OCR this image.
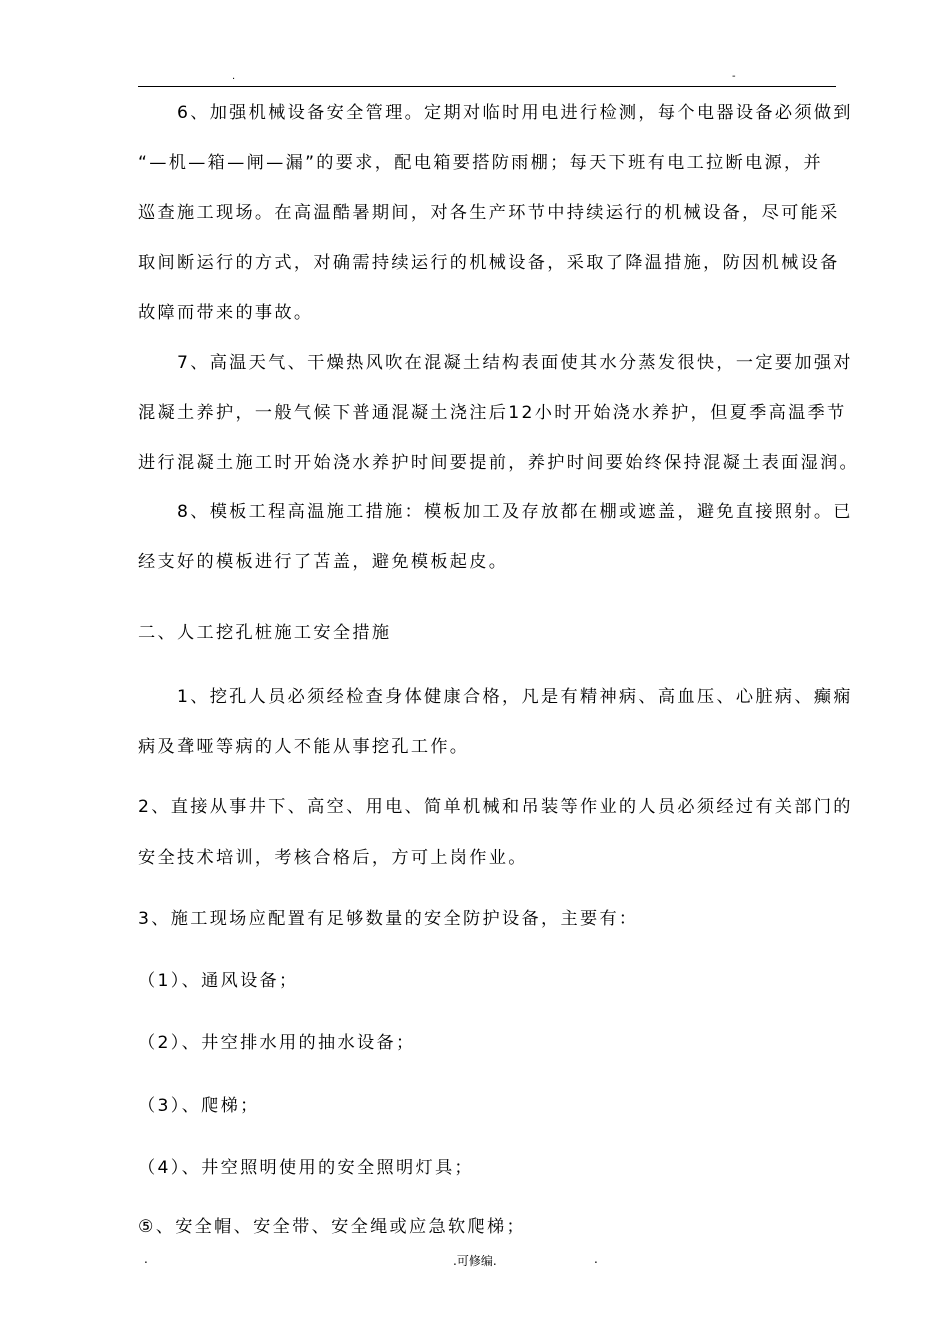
.	-
　　6、加强机械设备安全管理。定期对临时用电进行检测，每个电器设备必须做到
“—机—箱—闸—漏”的要求，配电箱要搭防雨棚；每天下班有电工拉断电源，并
巡查施工现场。在高温酷暑期间，对各生产环节中持续运行的机械设备，尽可能采
取间断运行的方式，对确需持续运行的机械设备，采取了降温措施，防因机械设备
故障而带来的事故。
　　7、高温天气、干燥热风吹在混凝土结构表面使其水分蒸发很快，一定要加强对
混凝土养护，一般气候下普通混凝土浇注后12小时开始浇水养护，但夏季高温季节
进行混凝土施工时开始浇水养护时间要提前，养护时间要始终保持混凝土表面湿润。
　　8、模板工程高温施工措施：模板加工及存放都在棚或遮盖，避免直接照射。已
经支好的模板进行了苫盖，避免模板起皮。
二、人工挖孔桩施工安全措施
　　1、挖孔人员必须经检查身体健康合格，凡是有精神病、高血压、心脏病、癫痫
病及聋哑等病的人不能从事挖孔工作。
2、直接从事井下、高空、用电、简单机械和吊装等作业的人员必须经过有关部门的
安全技术培训，考核合格后，方可上岗作业。
3、施工现场应配置有足够数量的安全防护设备，主要有：
（1）、通风设备；
（2）、井空排水用的抽水设备；
（3）、爬梯；
（4）、井空照明使用的安全照明灯具；
⑤、安全帽、安全带、安全绳或应急软爬梯；
.	.可修编.	.
